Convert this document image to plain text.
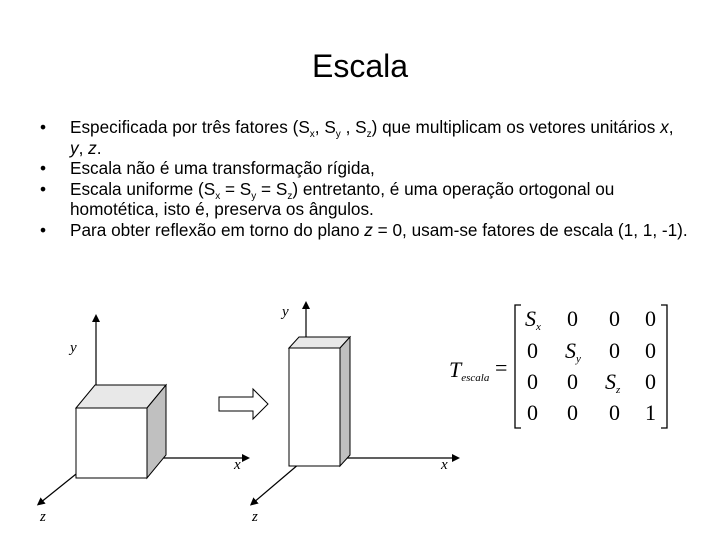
Escala
• Especificada por três fatores ($S_x$, $S_y$ , $S_z$) que multiplicam os vetores unitários x, y, z.
• Escala não é uma transformação rígida,
• Escala uniforme $(S_x = S_y = S_z)$ entretanto, é uma operação ortogonal ou homotética, isto é, preserva os ângulos.
• Para obter reflexão em torno do plano z = 0, usam-se fatores de escala (1, 1, -1).
y
x
z
y
x
z
Tescala =
$S_x$ 0 0 0
0 $S_y$ 0 0
0 0 $S_z$ 0
0 0 0 1
